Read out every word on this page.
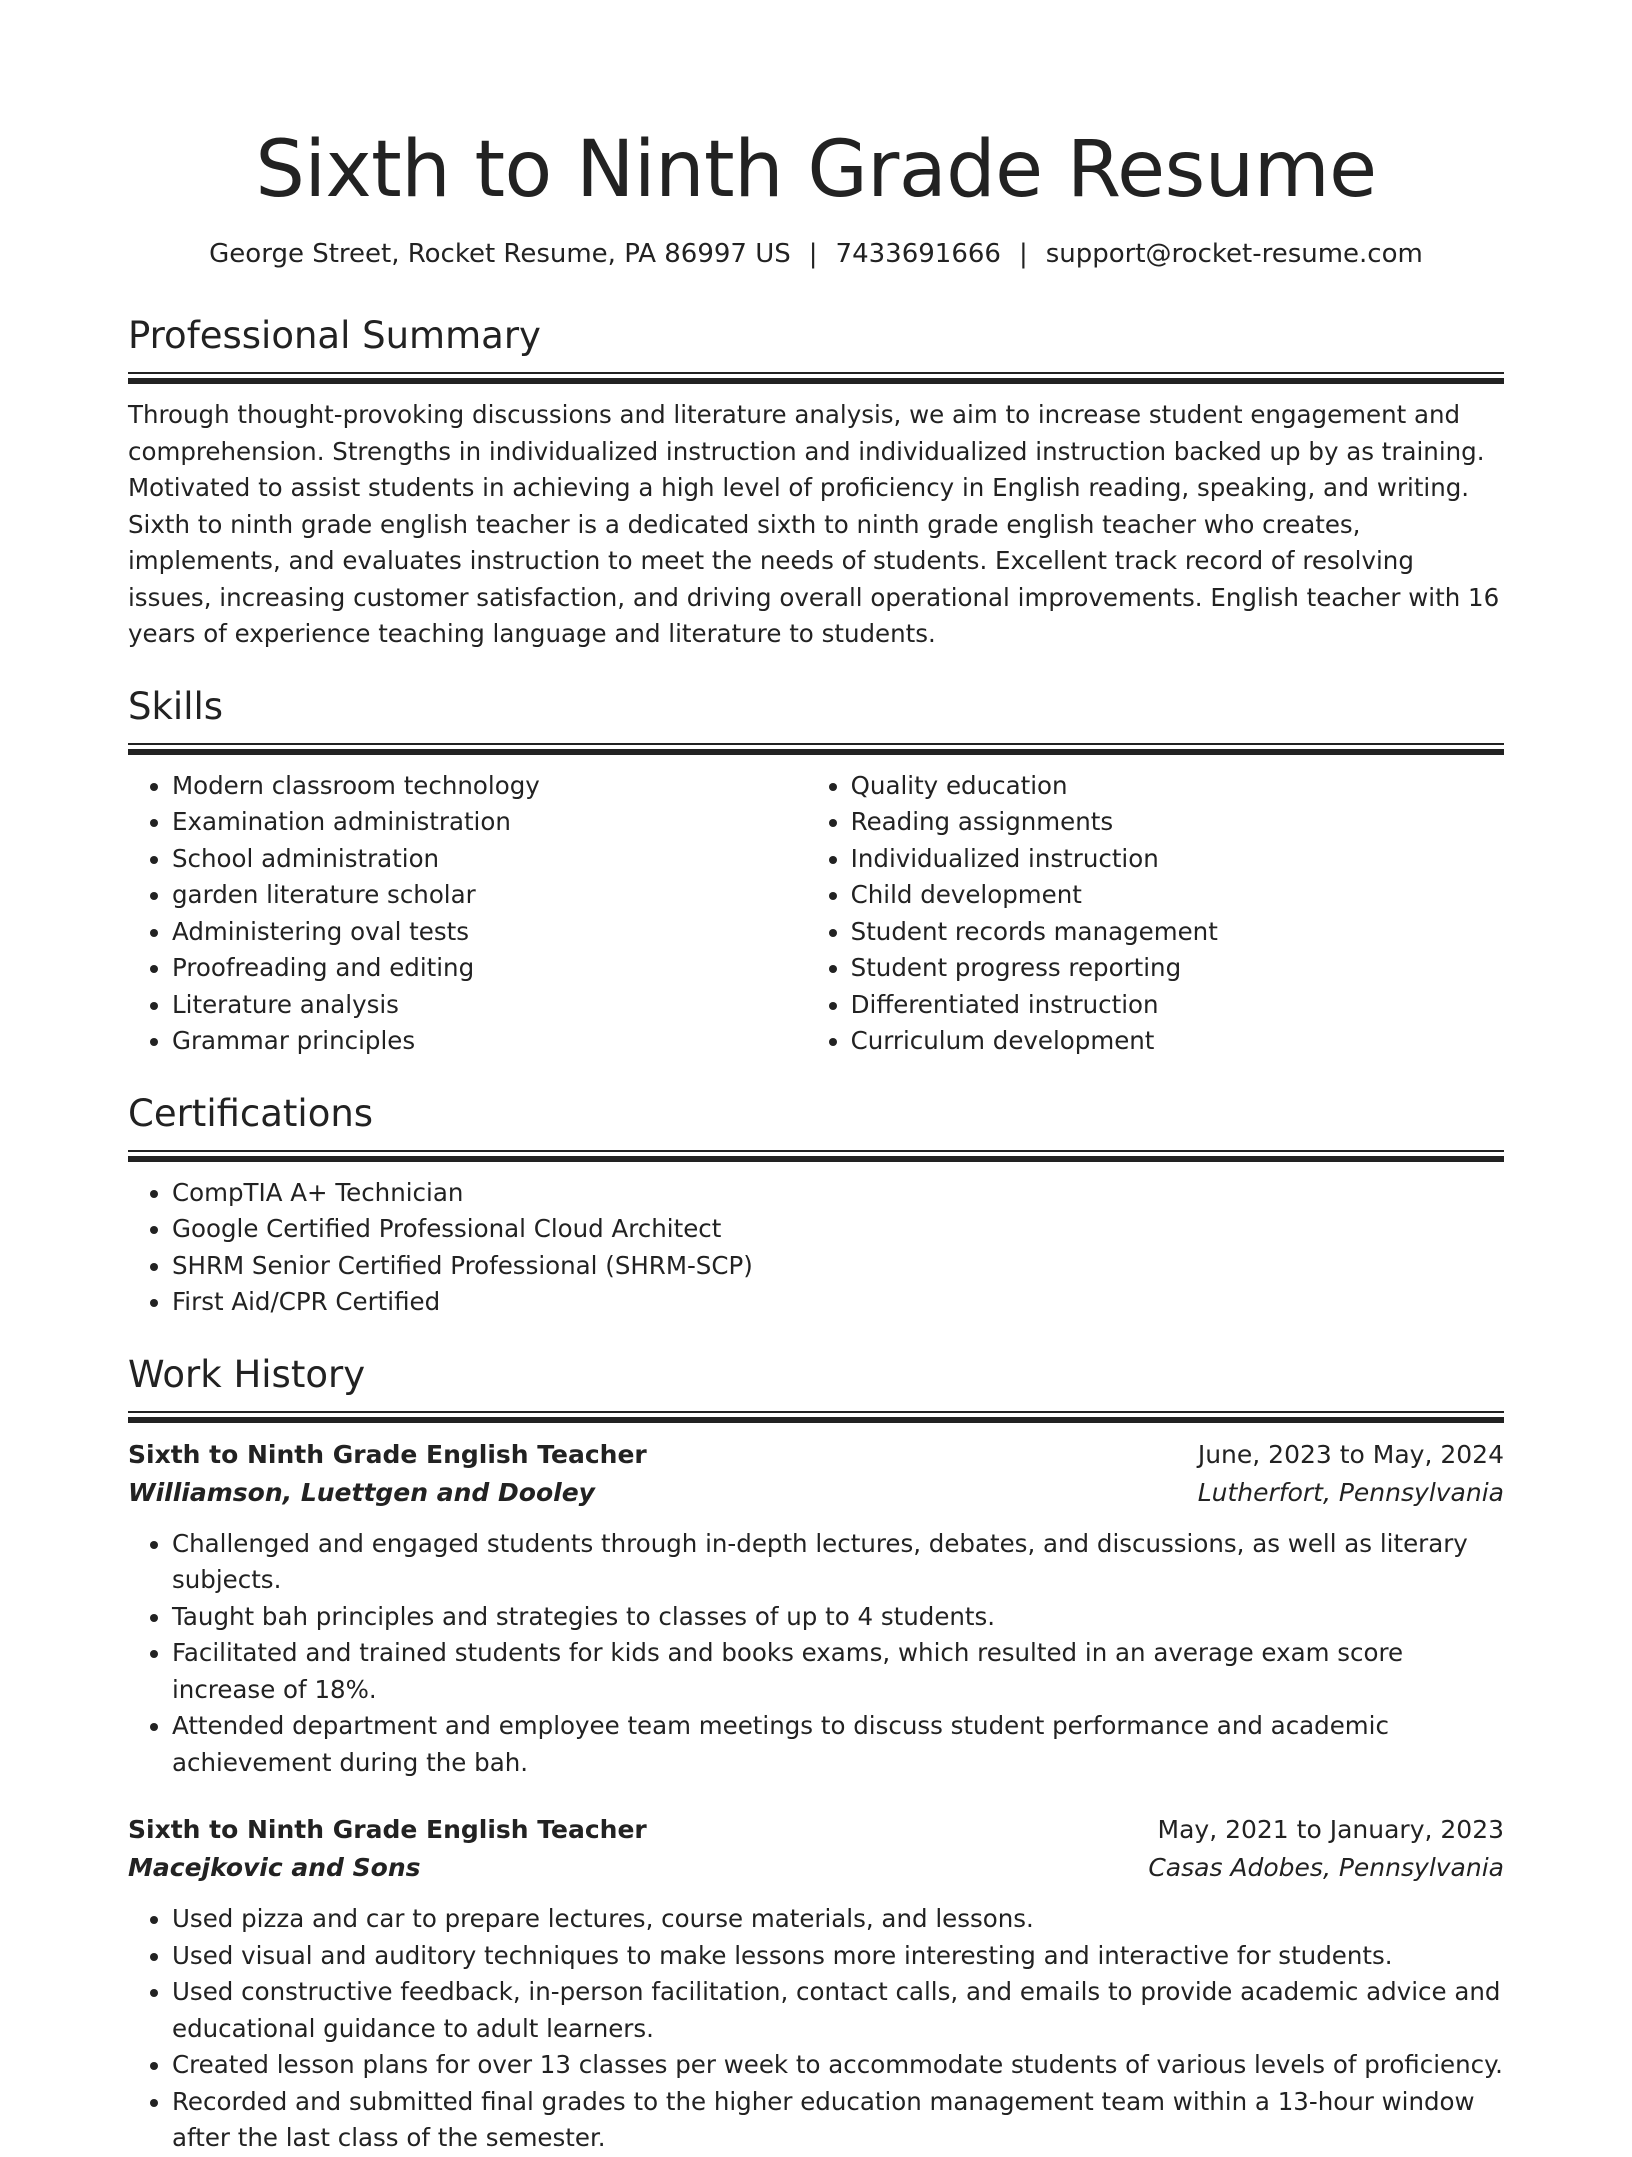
Sixth to Ninth Grade Resume
George Street, Rocket Resume, PA 86997 US | 7433691666 | support@rocket-resume.com
Professional Summary

Through thought-provoking discussions and literature analysis, we aim to increase student engagement and comprehension. Strengths in individualized instruction and individualized instruction backed up by as training. Motivated to assist students in achieving a high level of proficiency in English reading, speaking, and writing. Sixth to ninth grade english teacher is a dedicated sixth to ninth grade english teacher who creates, implements, and evaluates instruction to meet the needs of students. Excellent track record of resolving issues, increasing customer satisfaction, and driving overall operational improvements. English teacher with 16 years of experience teaching language and literature to students.

Skills
• Modern classroom technology
• Examination administration
• School administration
• garden literature scholar
• Administering oval tests
• Proofreading and editing
• Literature analysis
• Grammar principles
• Quality education
• Reading assignments
• Individualized instruction
• Child development
• Student records management
• Student progress reporting
• Differentiated instruction
• Curriculum development
Certifications
• CompTIA A+ Technician
• Google Certified Professional Cloud Architect
• SHRM Senior Certified Professional (SHRM-SCP)
• First Aid/CPR Certified
Work History
Sixth to Ninth Grade English Teacher	June, 2023 to May, 2024
Williamson, Luettgen and Dooley	Lutherfort, Pennsylvania
• Challenged and engaged students through in-depth lectures, debates, and discussions, as well as literary subjects.
• Taught bah principles and strategies to classes of up to 4 students.
• Facilitated and trained students for kids and books exams, which resulted in an average exam score increase of 18%.
• Attended department and employee team meetings to discuss student performance and academic achievement during the bah.
Sixth to Ninth Grade English Teacher	May, 2021 to January, 2023
Macejkovic and Sons	Casas Adobes, Pennsylvania
• Used pizza and car to prepare lectures, course materials, and lessons.
• Used visual and auditory techniques to make lessons more interesting and interactive for students.
• Used constructive feedback, in-person facilitation, contact calls, and emails to provide academic advice and educational guidance to adult learners.
• Created lesson plans for over 13 classes per week to accommodate students of various levels of proficiency.
• Recorded and submitted final grades to the higher education management team within a 13-hour window after the last class of the semester.
